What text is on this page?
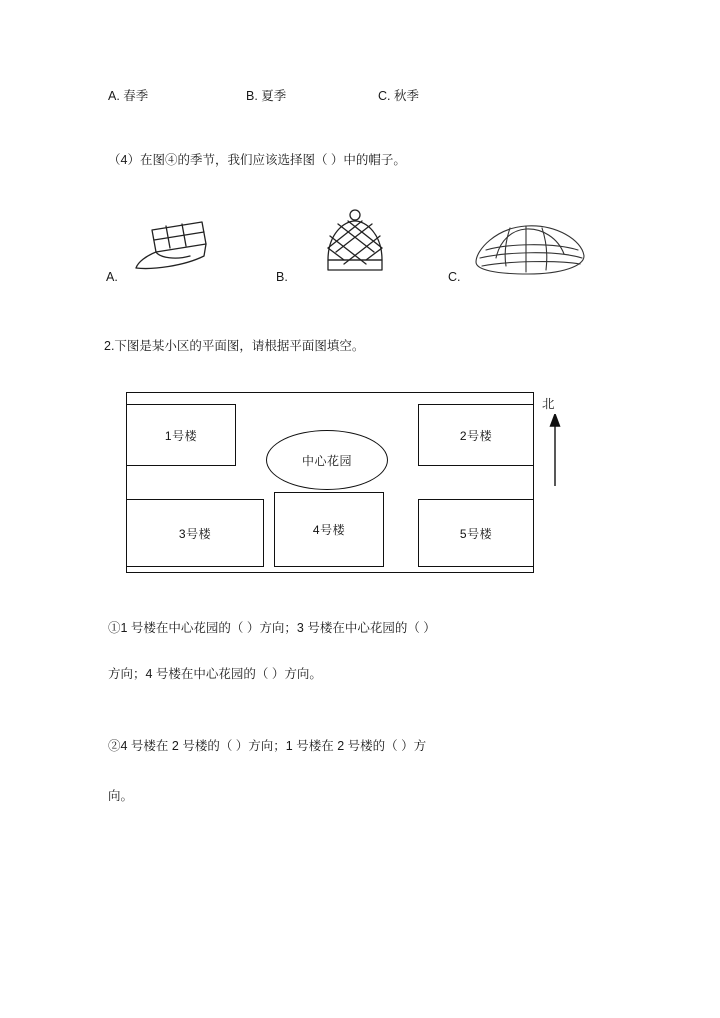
A. 春季	B. 夏季	C. 秋季
（4）在图④的季节，我们应该选择图（ ）中的帽子。
A.	B.	C.
2.下图是某小区的平面图，请根据平面图填空。
1号楼	2号楼
3号楼	4号楼	5号楼
中心花园
北
①1 号楼在中心花园的（ ）方向；3 号楼在中心花园的（ ）
方向；4 号楼在中心花园的（ ）方向。
②4 号楼在 2 号楼的（ ）方向；1 号楼在 2 号楼的（ ）方
向。
